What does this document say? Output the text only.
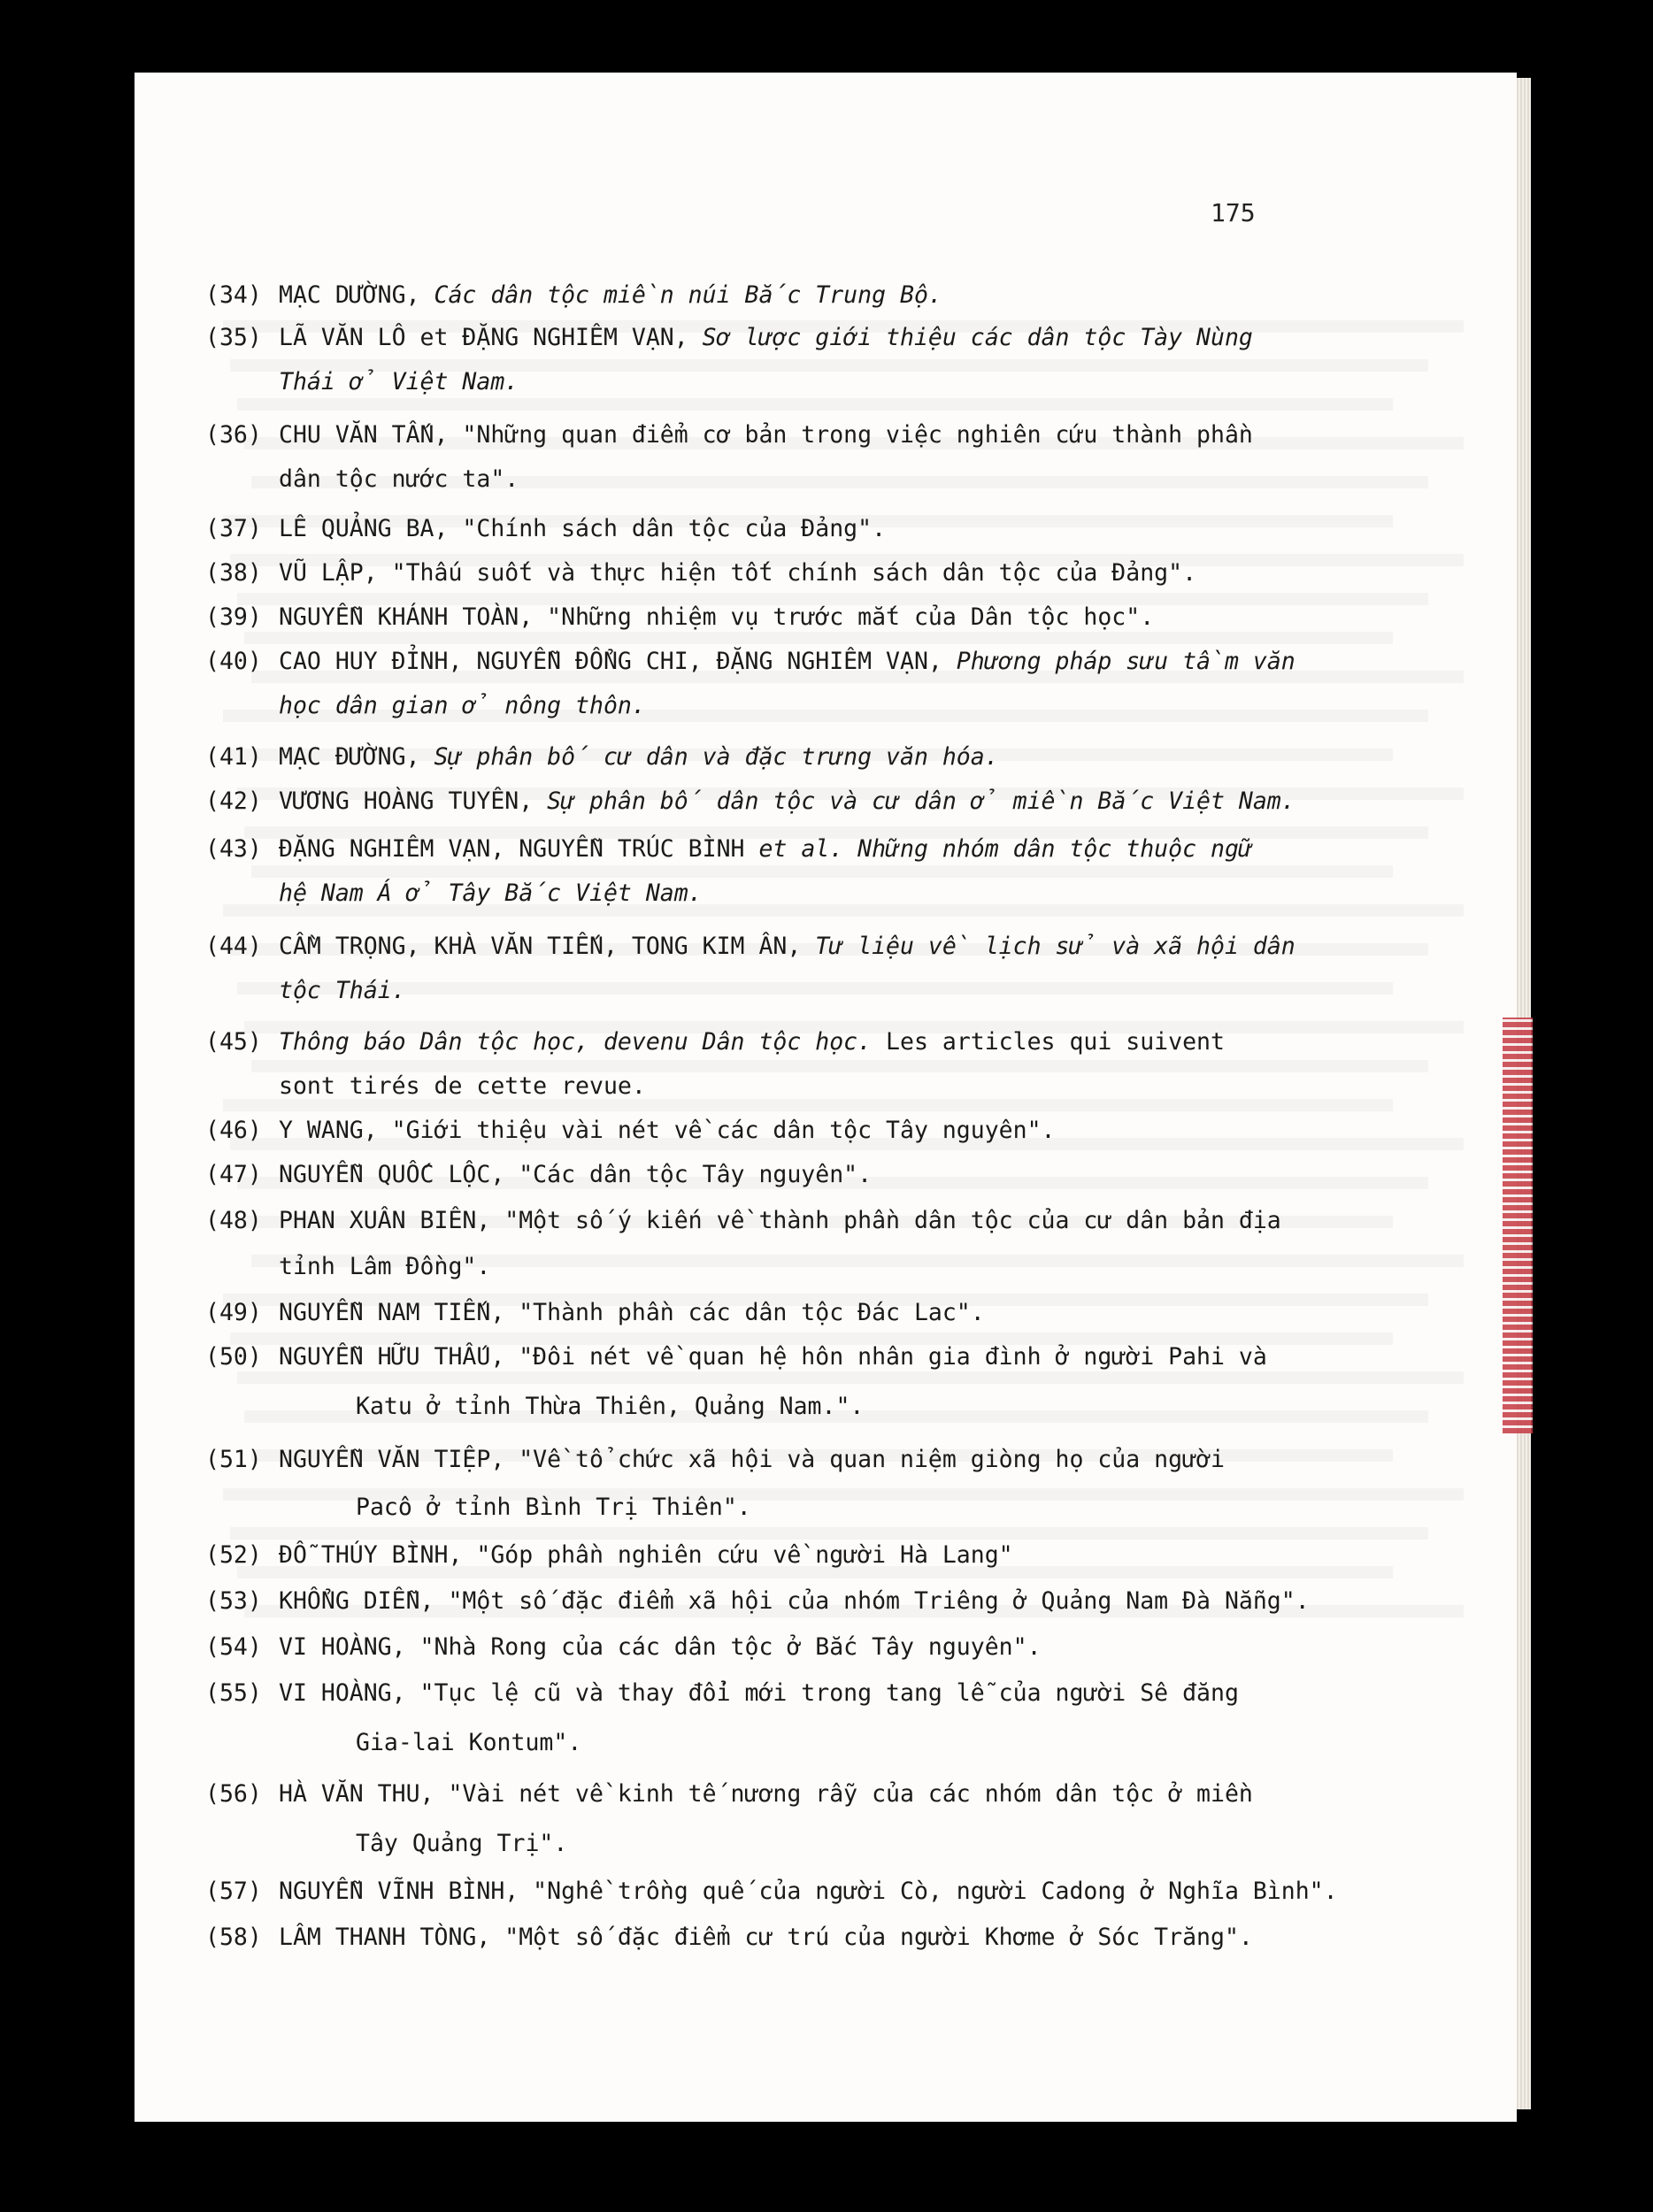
175
(34) MẠC DƯỜNG, Các dân tộc miền núi Bắc Trung Bộ.
(35) LÃ VĂN LÔ et ĐẶNG NGHIÊM VẠN, Sơ lược giới thiệu các dân tộc Tày Nùng
Thái ở Việt Nam.
(36) CHU VĂN TẤN, "Những quan điểm cơ bản trong việc nghiên cứu thành phần
dân tộc nước ta".
(37) LÊ QUẢNG BA, "Chính sách dân tộc của Đảng".
(38) VŨ LẬP, "Thấu suốt và thực hiện tốt chính sách dân tộc của Đảng".
(39) NGUYỄN KHÁNH TOÀN, "Những nhiệm vụ trước mắt của Dân tộc học".
(40) CAO HUY ĐỈNH, NGUYỄN ĐỔNG CHI, ĐẶNG NGHIÊM VẠN, Phương pháp sưu tầm văn
học dân gian ở nông thôn.
(41) MẠC ĐƯỜNG, Sự phân bố cư dân và đặc trưng văn hóa.
(42) VƯƠNG HOÀNG TUYÊN, Sự phân bố dân tộc và cư dân ở miền Bắc Việt Nam.
(43) ĐẶNG NGHIÊM VẠN, NGUYỄN TRÚC BÌNH et al. Những nhóm dân tộc thuộc ngữ
hệ Nam Á ở Tây Bắc Việt Nam.
(44) CẦM TRỌNG, KHÀ VĂN TIẾN, TONG KIM ÂN, Tư liệu về lịch sử và xã hội dân
tộc Thái.
(45) Thông báo Dân tộc học, devenu Dân tộc học. Les articles qui suivent
sont tirés de cette revue.
(46) Y WANG, "Giới thiệu vài nét về các dân tộc Tây nguyên".
(47) NGUYỄN QUỐC LỘC, "Các dân tộc Tây nguyên".
(48) PHAN XUÂN BIÊN, "Một số ý kiến về thành phần dân tộc của cư dân bản địa
tỉnh Lâm Đồng".
(49) NGUYỄN NAM TIẾN, "Thành phần các dân tộc Đác Lac".
(50) NGUYỄN HỮU THẤU, "Đôi nét về quan hệ hôn nhân gia đình ở người Pahi và
Katu ở tỉnh Thừa Thiên, Quảng Nam.".
(51) NGUYỄN VĂN TIỆP, "Về tổ chức xã hội và quan niệm giòng họ của người
Pacô ở tỉnh Bình Trị Thiên".
(52) ĐỖ THÚY BÌNH, "Góp phần nghiên cứu về người Hà Lang"
(53) KHỔNG DIỄN, "Một số đặc điểm xã hội của nhóm Triêng ở Quảng Nam Đà Nẵng".
(54) VI HOÀNG, "Nhà Rong của các dân tộc ở Bắc Tây nguyên".
(55) VI HOÀNG, "Tục lệ cũ và thay đổi mới trong tang lễ của người Sê đăng
Gia-lai Kontum".
(56) HÀ VĂN THU, "Vài nét về kinh tế nương rẫy của các nhóm dân tộc ở miền
Tây Quảng Trị".
(57) NGUYỄN VĨNH BÌNH, "Nghề trồng quế của người Cò, người Cadong ở Nghĩa Bình".
(58) LÂM THANH TÒNG, "Một số đặc điểm cư trú của người Khơme ở Sóc Trăng".
